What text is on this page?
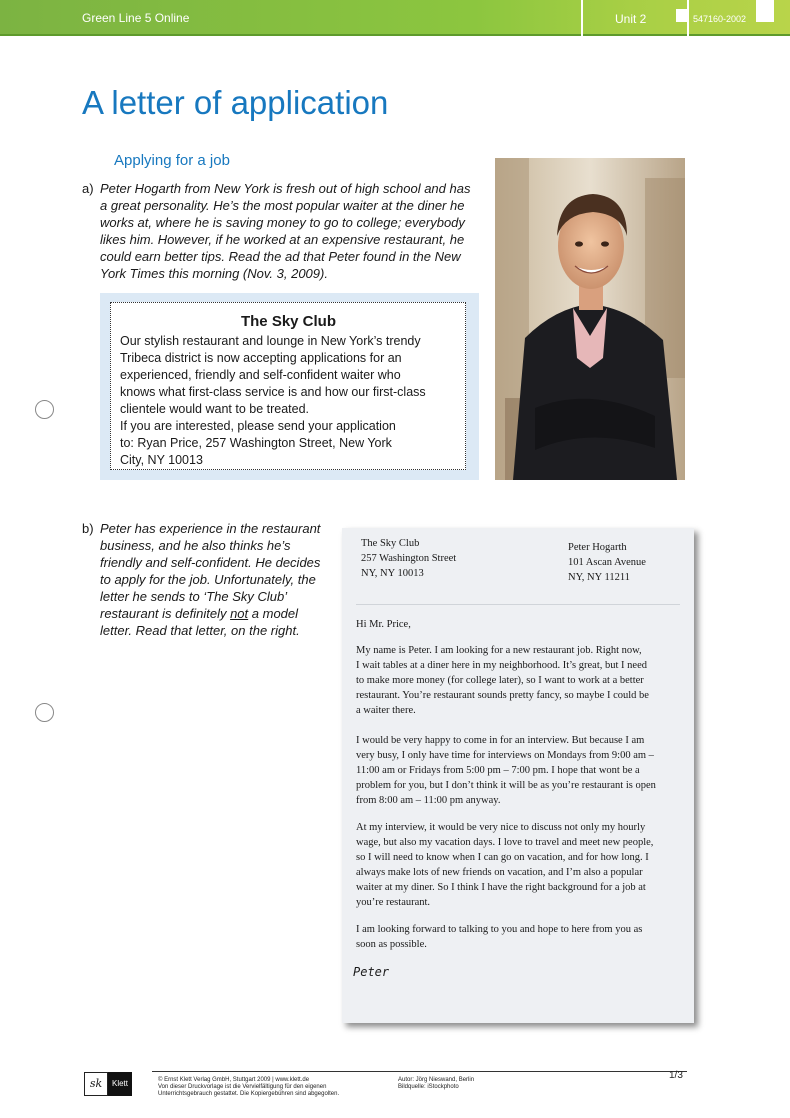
Green Line 5 Online	Unit 2	547160-2002
A letter of application
Applying for a job
a) Peter Hogarth from New York is fresh out of high school and has a great personality. He’s the most popular waiter at the diner he works at, where he is saving money to go to college; everybody likes him. However, if he worked at an expensive restaurant, he could earn better tips. Read the ad that Peter found in the New York Times this morning (Nov. 3, 2009).
The Sky Club
Our stylish restaurant and lounge in New York’s trendy
Tribeca district is now accepting applications for an
experienced, friendly and self-confident waiter who
knows what first-class service is and how our first-class
clientele would want to be treated.
If you are interested, please send your application
to: Ryan Price, 257 Washington Street, New York
City, NY 10013
b) Peter has experience in the restaurant business, and he also thinks he’s friendly and self-confident. He decides to apply for the job. Unfortunately, the letter he sends to ‘The Sky Club’ restaurant is definitely not a model letter. Read that letter, on the right.
The Sky Club
257 Washington Street
NY, NY 10013
Peter Hogarth
101 Ascan Avenue
NY, NY 11211
Hi Mr. Price,
My name is Peter. I am looking for a new restaurant job. Right now,
I wait tables at a diner here in my neighborhood. It’s great, but I need
to make more money (for college later), so I want to work at a better
restaurant. You’re restaurant sounds pretty fancy, so maybe I could be
a waiter there.
I would be very happy to come in for an interview. But because I am
very busy, I only have time for interviews on Mondays from 9:00 am –
11:00 am or Fridays from 5:00 pm – 7:00 pm. I hope that wont be a
problem for you, but I don’t think it will be as you’re restaurant is open
from 8:00 am – 11:00 pm anyway.
At my interview, it would be very nice to discuss not only my hourly
wage, but also my vacation days. I love to travel and meet new people,
so I will need to know when I can go on vacation, and for how long. I
always make lots of new friends on vacation, and I’m also a popular
waiter at my diner. So I think I have the right background for a job at
you’re restaurant.
I am looking forward to talking to you and hope to here from you as
soon as possible.
Peter
sk	Klett	© Ernst Klett Verlag GmbH, Stuttgart 2009 | www.klett.de
Von dieser Druckvorlage ist die Vervielfältigung für den eigenen
Unterrichtsgebrauch gestattet. Die Kopiergebühren sind abgegolten.
Autor: Jörg Nieswand, Berlin
Bildquelle: iStockphoto
1/3
